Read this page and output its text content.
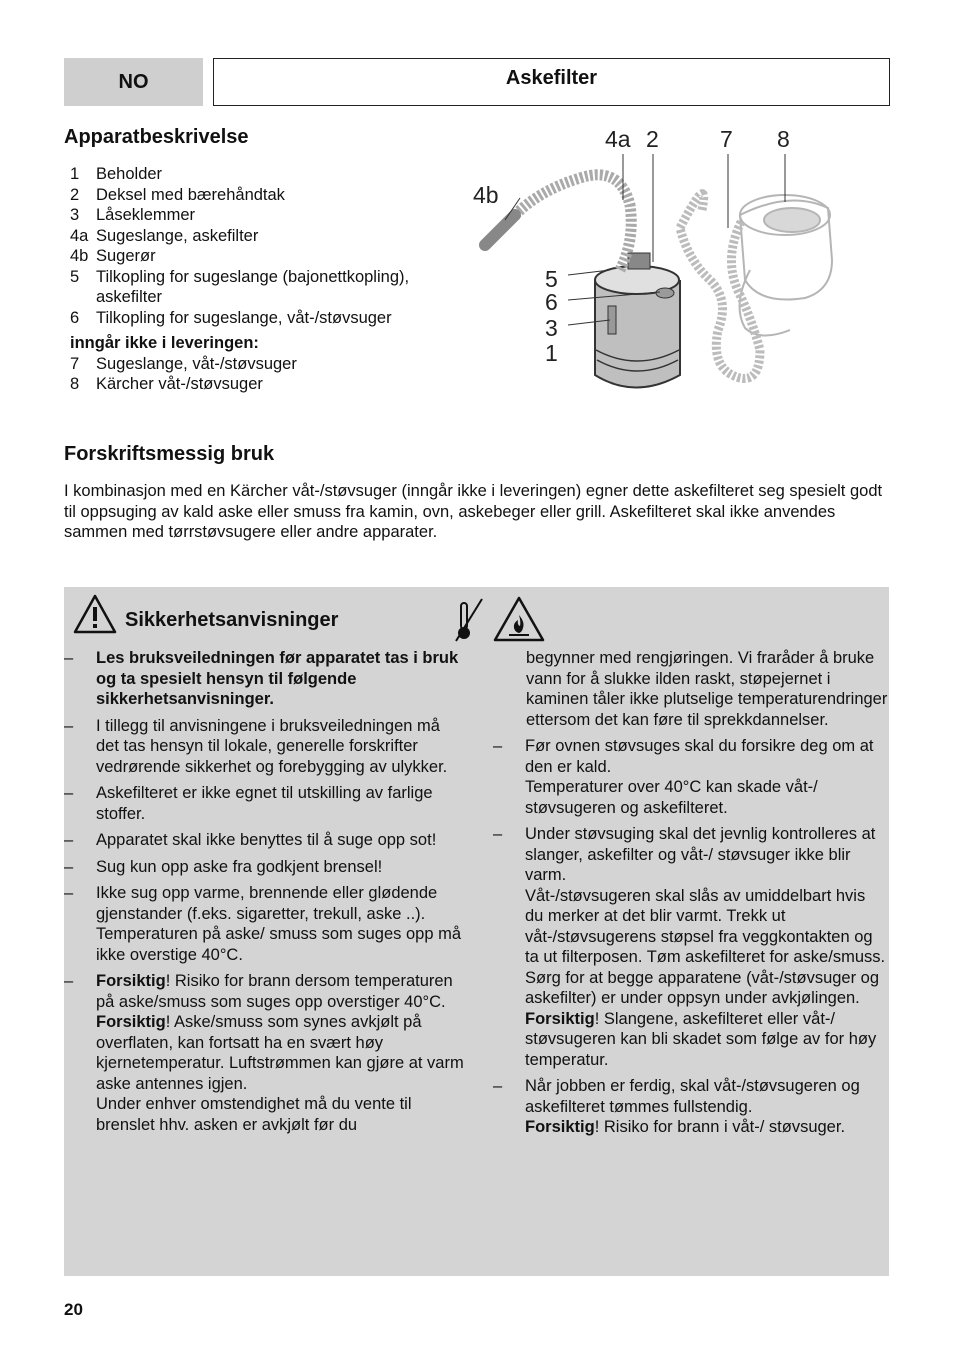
NO	Askefilter
Apparatbeskrivelse
1	Beholder
2	Deksel med bærehåndtak
3	Låseklemmer
4a Sugeslange, askefilter
4b Sugerør
5	Tilkopling for sugeslange (bajonettkopling), askefilter
6	Tilkopling for sugeslange, våt-/støvsuger
inngår ikke i leveringen:
7	Sugeslange, våt-/støvsuger
8	Kärcher våt-/støvsuger
4a 2	7 8
4b
5
6
3
1
Forskriftsmessig bruk
I kombinasjon med en Kärcher våt-/støvsuger (inngår ikke i leveringen) egner dette askefilteret seg spesielt godt til oppsuging av kald aske eller smuss fra kamin, ovn, askebeger eller grill. Askefilteret skal ikke anvendes sammen med tørrstøvsugere eller andre apparater.
Sikkerhetsanvisninger
–	Les bruksveiledningen før apparatet tas i bruk og ta spesielt hensyn til følgende sikkerhetsanvisninger.
–	I tillegg til anvisningene i bruksveiledningen må det tas hensyn til lokale, generelle forskrifter vedrørende sikkerhet og forebygging av ulykker.
–	Askefilteret er ikke egnet til utskilling av farlige stoffer.
–	Apparatet skal ikke benyttes til å suge opp sot!
–	Sug kun opp aske fra godkjent brensel!
–	Ikke sug opp varme, brennende eller glødende gjenstander (f.eks. sigaretter, trekull, aske ..). Temperaturen på aske/ smuss som suges opp må ikke overstige 40°C.
–	Forsiktig! Risiko for brann dersom temperaturen på aske/smuss som suges opp overstiger 40°C.
Forsiktig! Aske/smuss som synes avkjølt på overflaten, kan fortsatt ha en svært høy kjernetemperatur. Luftstrømmen kan gjøre at varm aske antennes igjen.
Under enhver omstendighet må du vente til brenslet hhv. asken er avkjølt før du
begynner med rengjøringen. Vi fraråder å bruke vann for å slukke ilden raskt, støpejernet i kaminen tåler ikke plutselige temperaturendringer ettersom det kan føre til sprekkdannelser.
–	Før ovnen støvsuges skal du forsikre deg om at den er kald.
Temperaturer over 40°C kan skade våt-/ støvsugeren og askefilteret.
–	Under støvsuging skal det jevnlig kontrolleres at slanger, askefilter og våt-/ støvsuger ikke blir varm.
Våt-/støvsugeren skal slås av umiddelbart hvis du merker at det blir varmt. Trekk ut våt-/støvsugerens støpsel fra veggkontakten og ta ut filterposen. Tøm askefilteret for aske/smuss. Sørg for at begge apparatene (våt-/støvsuger og askefilter) er under oppsyn under avkjølingen.
Forsiktig! Slangene, askefilteret eller våt-/ støvsugeren kan bli skadet som følge av for høy temperatur.
–	Når jobben er ferdig, skal våt-/støvsugeren og askefilteret tømmes fullstendig.
Forsiktig! Risiko for brann i våt-/ støvsuger.
20
